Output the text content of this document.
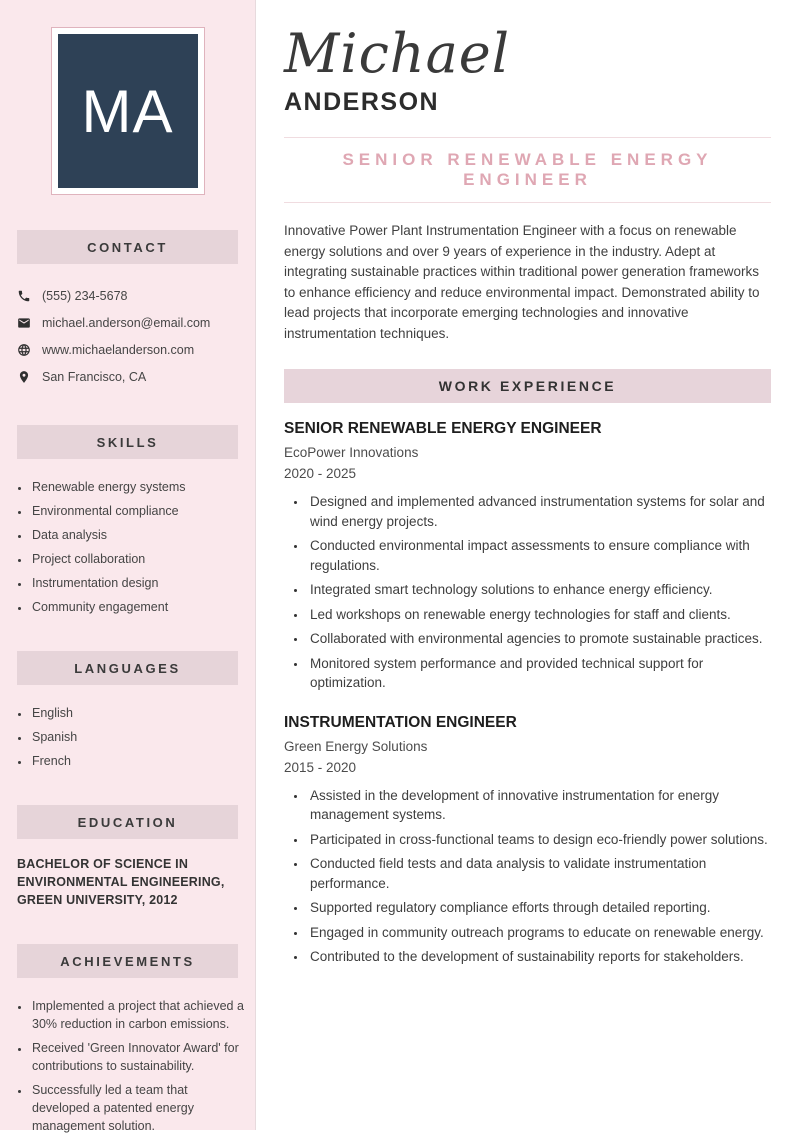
MA
CONTACT
(555) 234-5678
michael.anderson@email.com
www.michaelanderson.com
San Francisco, CA
SKILLS
• Renewable energy systems
• Environmental compliance
• Data analysis
• Project collaboration
• Instrumentation design
• Community engagement
LANGUAGES
• English
• Spanish
• French
EDUCATION
BACHELOR OF SCIENCE IN ENVIRONMENTAL ENGINEERING, GREEN UNIVERSITY, 2012
ACHIEVEMENTS
• Implemented a project that achieved a 30% reduction in carbon emissions.
• Received 'Green Innovator Award' for contributions to sustainability.
• Successfully led a team that developed a patented energy management solution.
Michael
ANDERSON
SENIOR RENEWABLE ENERGY ENGINEER

Innovative Power Plant Instrumentation Engineer with a focus on renewable energy solutions and over 9 years of experience in the industry. Adept at integrating sustainable practices within traditional power generation frameworks to enhance efficiency and reduce environmental impact. Demonstrated ability to lead projects that incorporate emerging technologies and innovative instrumentation techniques.

WORK EXPERIENCE
SENIOR RENEWABLE ENERGY ENGINEER
EcoPower Innovations
2020 - 2025
• Designed and implemented advanced instrumentation systems for solar and wind energy projects.
• Conducted environmental impact assessments to ensure compliance with regulations.
• Integrated smart technology solutions to enhance energy efficiency.
• Led workshops on renewable energy technologies for staff and clients.
• Collaborated with environmental agencies to promote sustainable practices.
• Monitored system performance and provided technical support for optimization.
INSTRUMENTATION ENGINEER
Green Energy Solutions
2015 - 2020
• Assisted in the development of innovative instrumentation for energy management systems.
• Participated in cross-functional teams to design eco-friendly power solutions.
• Conducted field tests and data analysis to validate instrumentation performance.
• Supported regulatory compliance efforts through detailed reporting.
• Engaged in community outreach programs to educate on renewable energy.
• Contributed to the development of sustainability reports for stakeholders.
